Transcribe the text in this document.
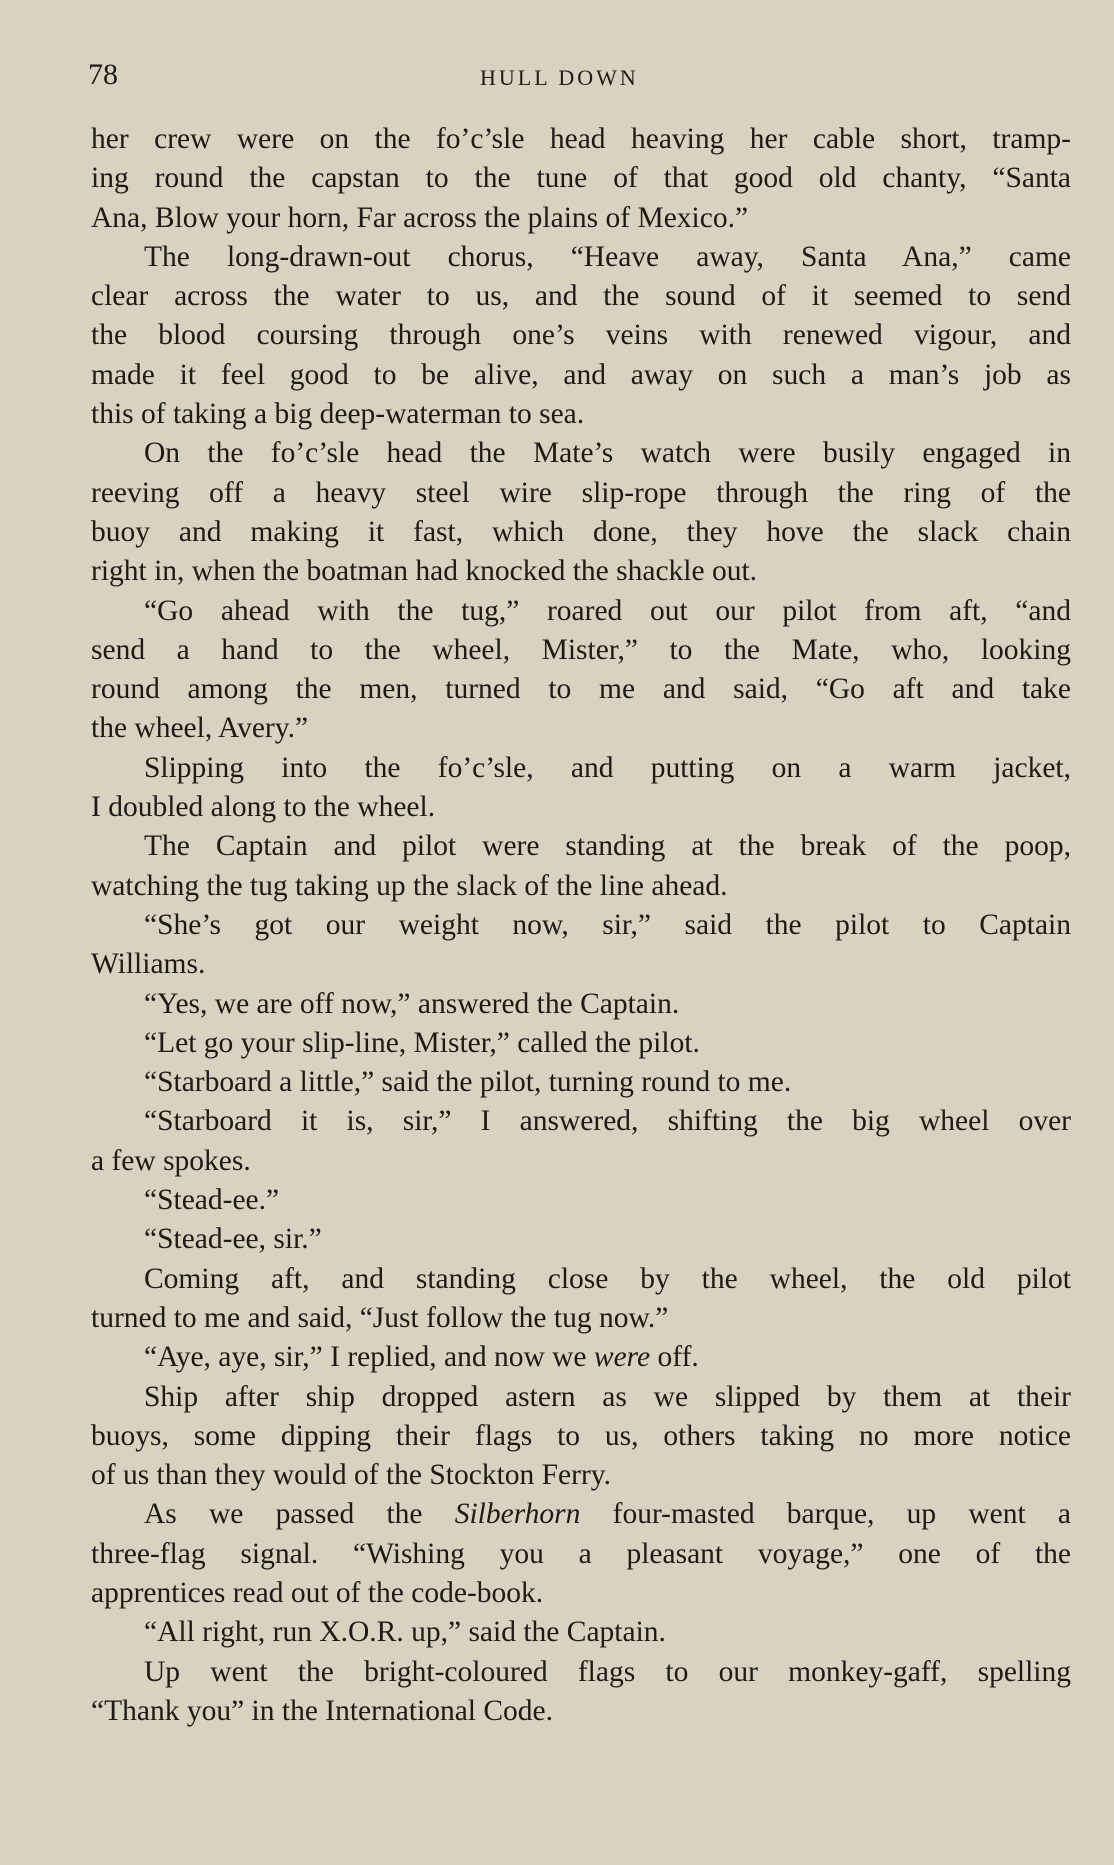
78	HULL DOWN
her crew were on the fo’c’sle head heaving her cable short, tramp-
ing round the capstan to the tune of that good old chanty, “Santa
Ana, Blow your horn, Far across the plains of Mexico.”
The long-drawn-out chorus, “Heave away, Santa Ana,” came
clear across the water to us, and the sound of it seemed to send
the blood coursing through one’s veins with renewed vigour, and
made it feel good to be alive, and away on such a man’s job as
this of taking a big deep-waterman to sea.
On the fo’c’sle head the Mate’s watch were busily engaged in
reeving off a heavy steel wire slip-rope through the ring of the
buoy and making it fast, which done, they hove the slack chain
right in, when the boatman had knocked the shackle out.
“Go ahead with the tug,” roared out our pilot from aft, “and
send a hand to the wheel, Mister,” to the Mate, who, looking
round among the men, turned to me and said, “Go aft and take
the wheel, Avery.”
Slipping into the fo’c’sle, and putting on a warm jacket,
I doubled along to the wheel.
The Captain and pilot were standing at the break of the poop,
watching the tug taking up the slack of the line ahead.
“She’s got our weight now, sir,” said the pilot to Captain
Williams.
“Yes, we are off now,” answered the Captain.
“Let go your slip-line, Mister,” called the pilot.
“Starboard a little,” said the pilot, turning round to me.
“Starboard it is, sir,” I answered, shifting the big wheel over
a few spokes.
“Stead-ee.”
“Stead-ee, sir.”
Coming aft, and standing close by the wheel, the old pilot
turned to me and said, “Just follow the tug now.”
“Aye, aye, sir,” I replied, and now we were off.
Ship after ship dropped astern as we slipped by them at their
buoys, some dipping their flags to us, others taking no more notice
of us than they would of the Stockton Ferry.
As we passed the Silberhorn four-masted barque, up went a
three-flag signal. “Wishing you a pleasant voyage,” one of the
apprentices read out of the code-book.
“All right, run X.O.R. up,” said the Captain.
Up went the bright-coloured flags to our monkey-gaff, spelling
“Thank you” in the International Code.
